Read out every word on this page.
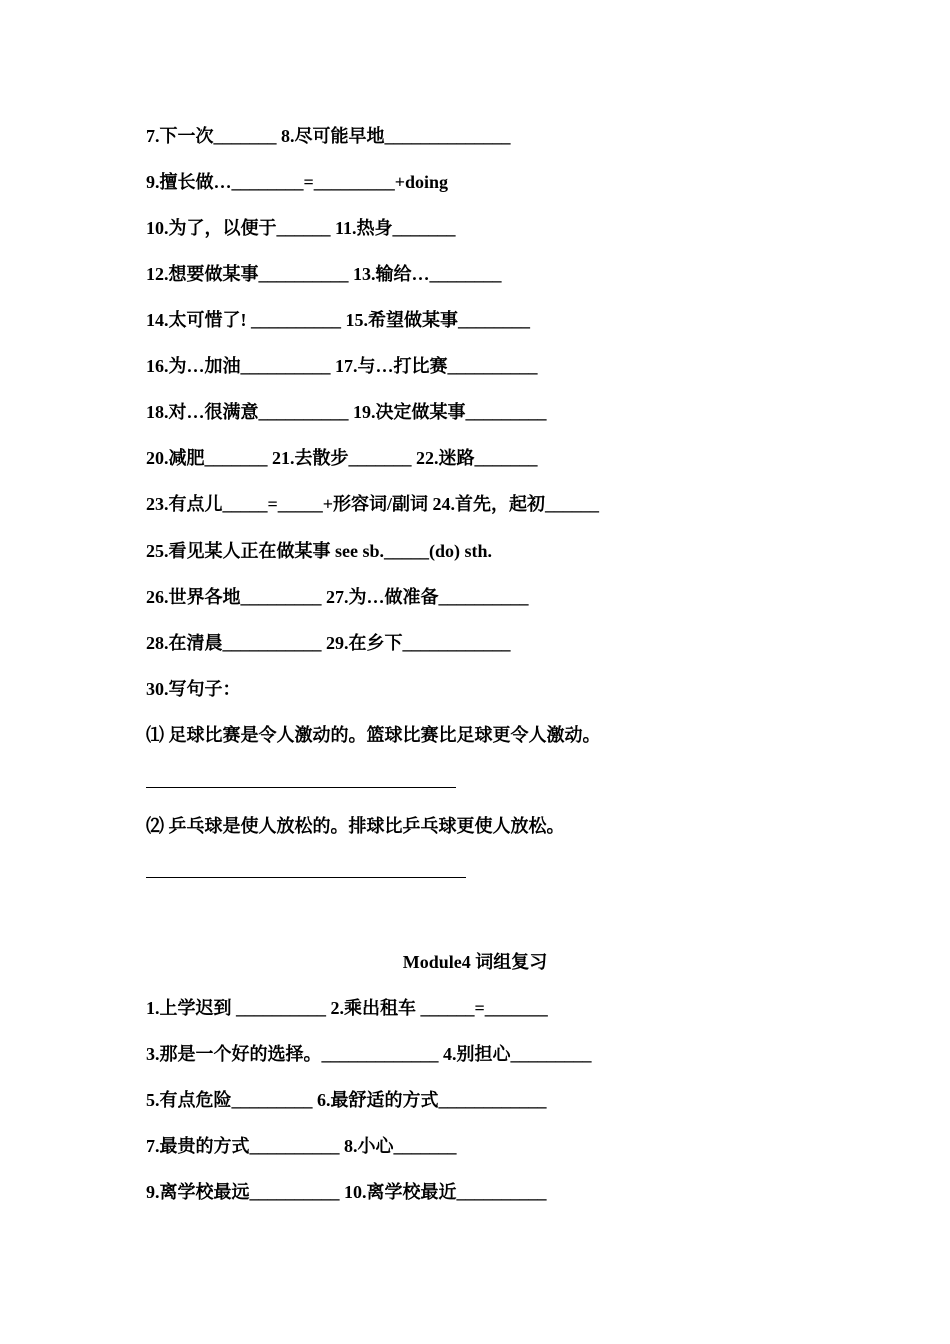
7.下一次_______ 8.尽可能早地______________
9.擅长做…________=_________+doing
10.为了，以便于______ 11.热身_______
12.想要做某事__________ 13.输给…________
14.太可惜了! __________ 15.希望做某事________
16.为…加油__________ 17.与…打比赛__________
18.对…很满意__________ 19.决定做某事_________
20.减肥_______ 21.去散步_______ 22.迷路_______
23.有点儿_____=_____+形容词/副词 24.首先，起初______
25.看见某人正在做某事 see sb._____(do) sth.
26.世界各地_________ 27.为…做准备__________
28.在清晨___________ 29.在乡下____________
30.写句子：
⑴ 足球比赛是令人激动的。篮球比赛比足球更令人激动。
⑵ 乒乓球是使人放松的。排球比乒乓球更使人放松。
Module4 词组复习
1.上学迟到 __________ 2.乘出租车 ______=_______
3.那是一个好的选择。_____________ 4.别担心_________
5.有点危险_________ 6.最舒适的方式____________
7.最贵的方式__________ 8.小心_______
9.离学校最远__________ 10.离学校最近__________
